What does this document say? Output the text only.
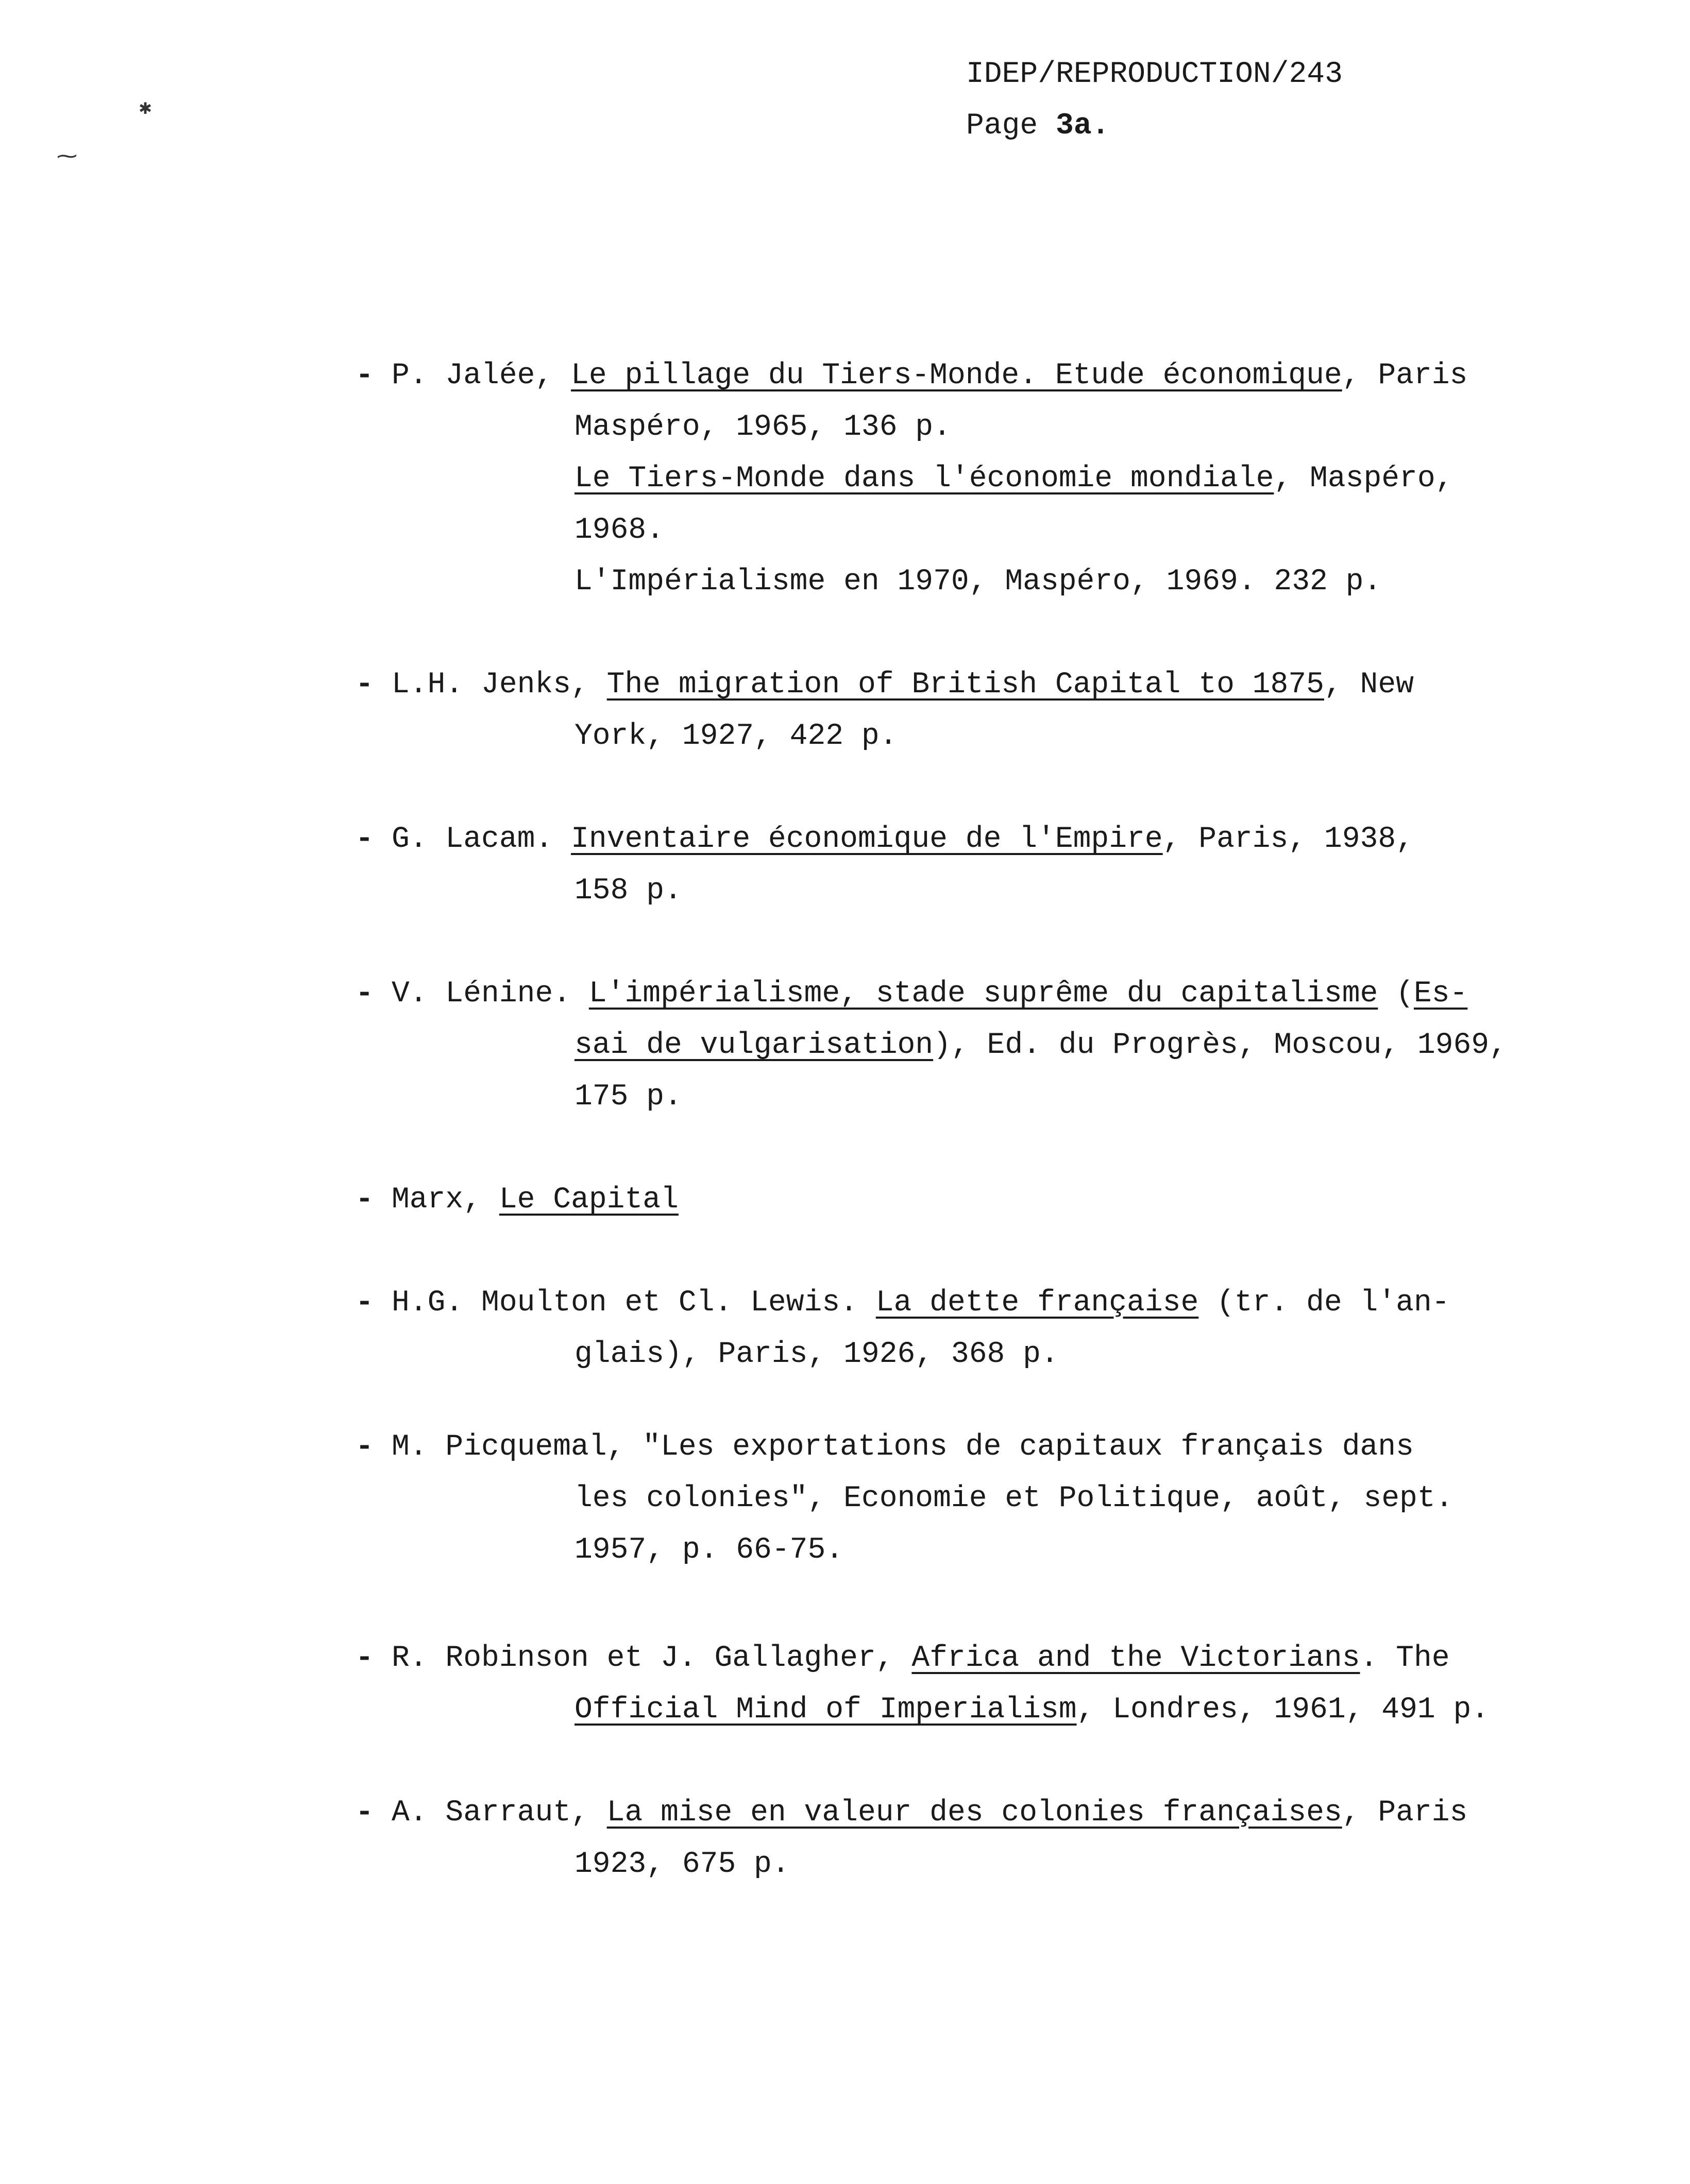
✱
⁓
IDEP/REPRODUCTION/243
Page 3a.
- P. Jalée, Le pillage du Tiers-Monde. Etude économique, Paris
Maspéro, 1965, 136 p.
Le Tiers-Monde dans l'économie mondiale, Maspéro,
1968.
L'Impérialisme en 1970, Maspéro, 1969. 232 p.
- L.H. Jenks, The migration of British Capital to 1875, New
York, 1927, 422 p.
- G. Lacam. Inventaire économique de l'Empire, Paris, 1938,
158 p.
- V. Lénine. L'impérialisme, stade suprême du capitalisme (Es-
sai de vulgarisation), Ed. du Progrès, Moscou, 1969,
175 p.
- Marx, Le Capital
- H.G. Moulton et Cl. Lewis. La dette française (tr. de l'an-
glais), Paris, 1926, 368 p.
- M. Picquemal, "Les exportations de capitaux français dans
les colonies", Economie et Politique, août, sept.
1957, p. 66-75.
- R. Robinson et J. Gallagher, Africa and the Victorians. The
Official Mind of Imperialism, Londres, 1961, 491 p.
- A. Sarraut, La mise en valeur des colonies françaises, Paris
1923, 675 p.
